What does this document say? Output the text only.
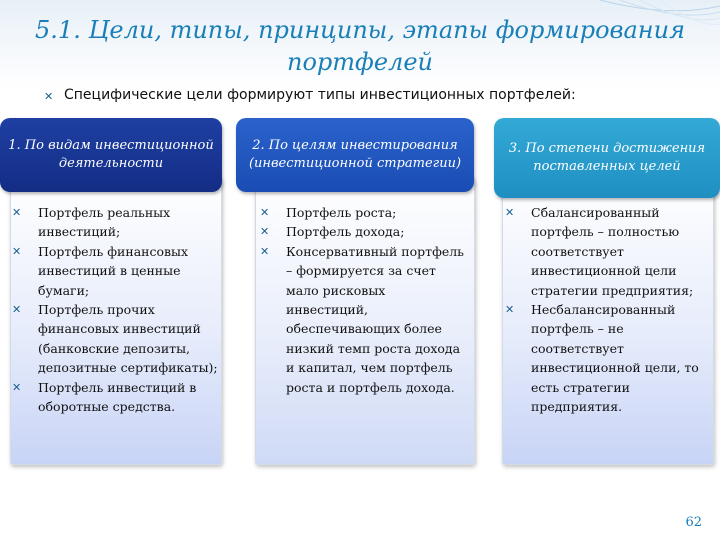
5.1. Цели, типы, принципы, этапы формирования портфелей
✕ Специфические цели формируют типы инвестиционных портфелей:
1. По видам инвестиционной деятельности
2. По целям инвестирования (инвестиционной стратегии)
3. По степени достижения поставленных целей
✕	Портфель реальных инвестиций;
✕	Портфель финансовых инвестиций в ценные бумаги;
✕	Портфель прочих финансовых инвестиций (банковские депозиты, депозитные сертификаты);
✕	Портфель инвестиций в оборотные средства.
✕	Портфель роста;
✕	Портфель дохода;
✕	Консервативный портфель – формируется за счет мало рисковых инвестиций, обеспечивающих более низкий темп роста дохода и капитал, чем портфель роста и портфель дохода.
✕	Сбалансированный портфель – полностью соответствует инвестиционной цели стратегии предприятия;
✕	Несбалансированный портфель – не соответствует инвестиционной цели, то есть стратегии предприятия.
62
